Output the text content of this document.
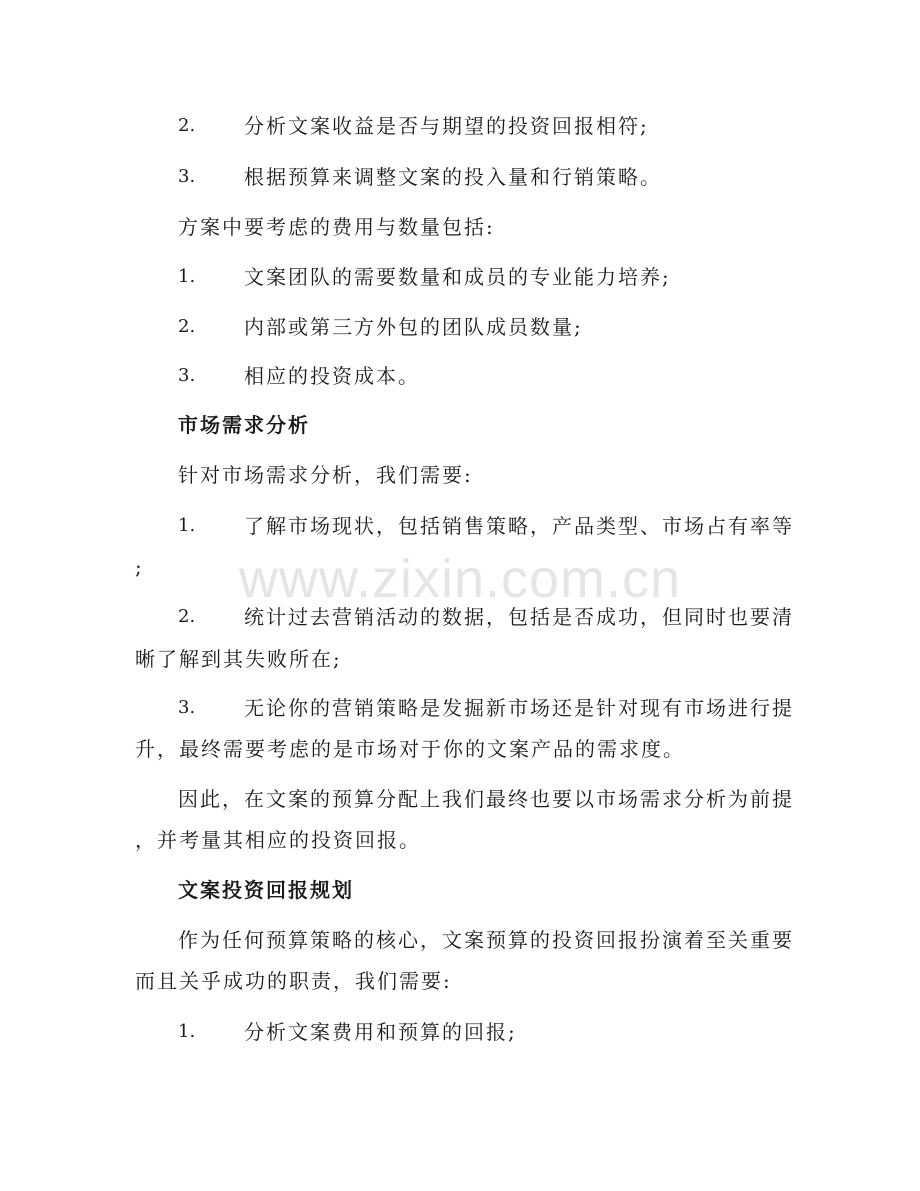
2. 分析文案收益是否与期望的投资回报相符;
3. 根据预算来调整文案的投入量和行销策略。
方案中要考虑的费用与数量包括:
1. 文案团队的需要数量和成员的专业能力培养;
2. 内部或第三方外包的团队成员数量;
3. 相应的投资成本。
市场需求分析
针对市场需求分析，我们需要:
1. 了解市场现状，包括销售策略，产品类型、市场占有率等
;
2. 统计过去营销活动的数据，包括是否成功，但同时也要清
晰了解到其失败所在;
3. 无论你的营销策略是发掘新市场还是针对现有市场进行提
升，最终需要考虑的是市场对于你的文案产品的需求度。
因此，在文案的预算分配上我们最终也要以市场需求分析为前提
，并考量其相应的投资回报。
文案投资回报规划
作为任何预算策略的核心，文案预算的投资回报扮演着至关重要
而且关乎成功的职责，我们需要:
1. 分析文案费用和预算的回报;
www.zixin.com.cn
